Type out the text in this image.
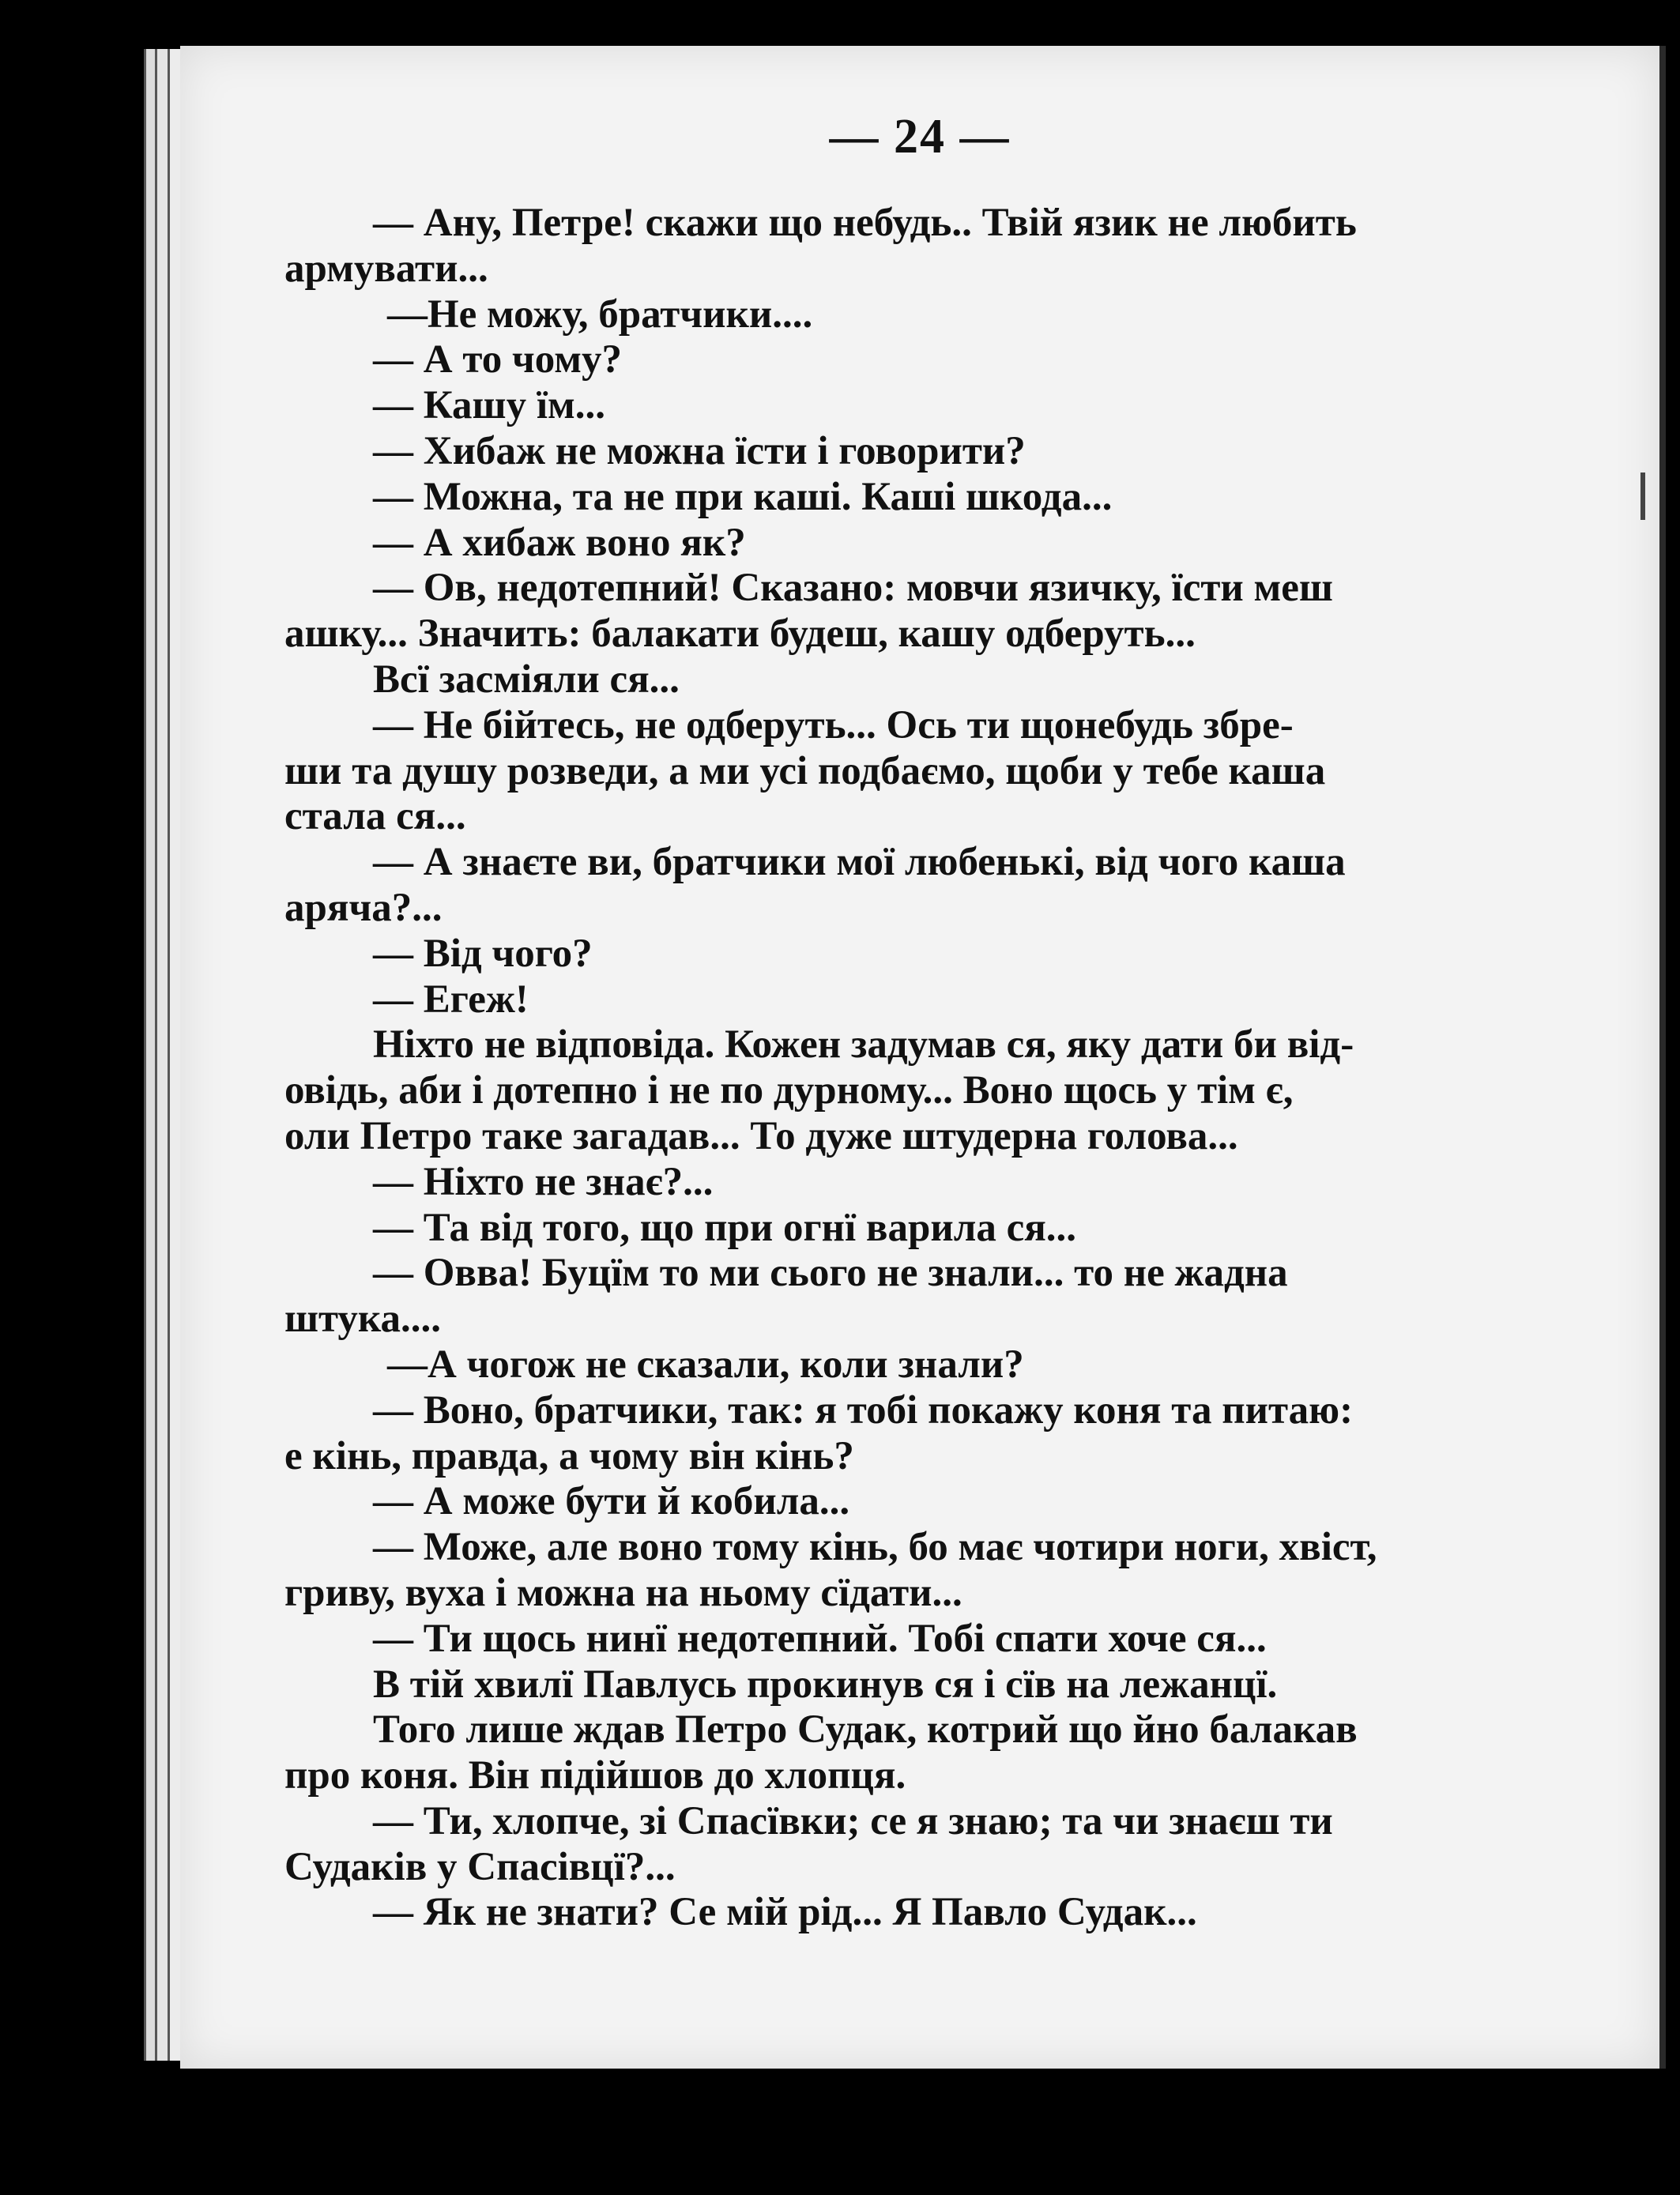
— 24 —
— Ану, Петре! скажи що небудь.. Твій язик не любить
армувати...
—Не можу, братчики....
— А то чому?
— Кашу їм...
— Хибаж не можна їсти і говорити?
— Можна, та не при каші. Каші шкода...
— А хибаж воно як?
— Ов, недотепний! Сказано: мовчи язичку, їсти меш
ашку... Значить: балакати будеш, кашу одберуть...
Всї засміяли ся...
— Не бійтесь, не одберуть... Ось ти щонебудь збре-
ши та душу розведи, а ми усі подбаємо, щоби у тебе каша
стала ся...
— А знаєте ви, братчики мої любенькі, від чого каша
аряча?...
— Від чого?
— Егеж!
Ніхто не відповіда. Кожен задумав ся, яку дати би від-
овідь, аби і дотепно і не по дурному... Воно щось у тім є,
оли Петро таке загадав... То дуже штудерна голова...
— Ніхто не знає?...
— Та від того, що при огнї варила ся...
— Овва! Буцїм то ми сього не знали... то не жадна
штука....
—А чогож не сказали, коли знали?
— Воно, братчики, так: я тобі покажу коня та питаю:
е кінь, правда, а чому він кінь?
— А може бути й кобила...
— Може, але воно тому кінь, бо має чотири ноги, хвіст,
гриву, вуха і можна на ньому сїдати...
— Ти щось нинї недотепний. Тобі спати хоче ся...
В тій хвилї Павлусь прокинув ся і сїв на лежанцї.
Того лише ждав Петро Судак, котрий що йно балакав
про коня. Він підійшов до хлопця.
— Ти, хлопче, зі Спасївки; се я знаю; та чи знаєш ти
Судаків у Спасівцї?...
— Як не знати? Се мій рід... Я Павло Судак...
